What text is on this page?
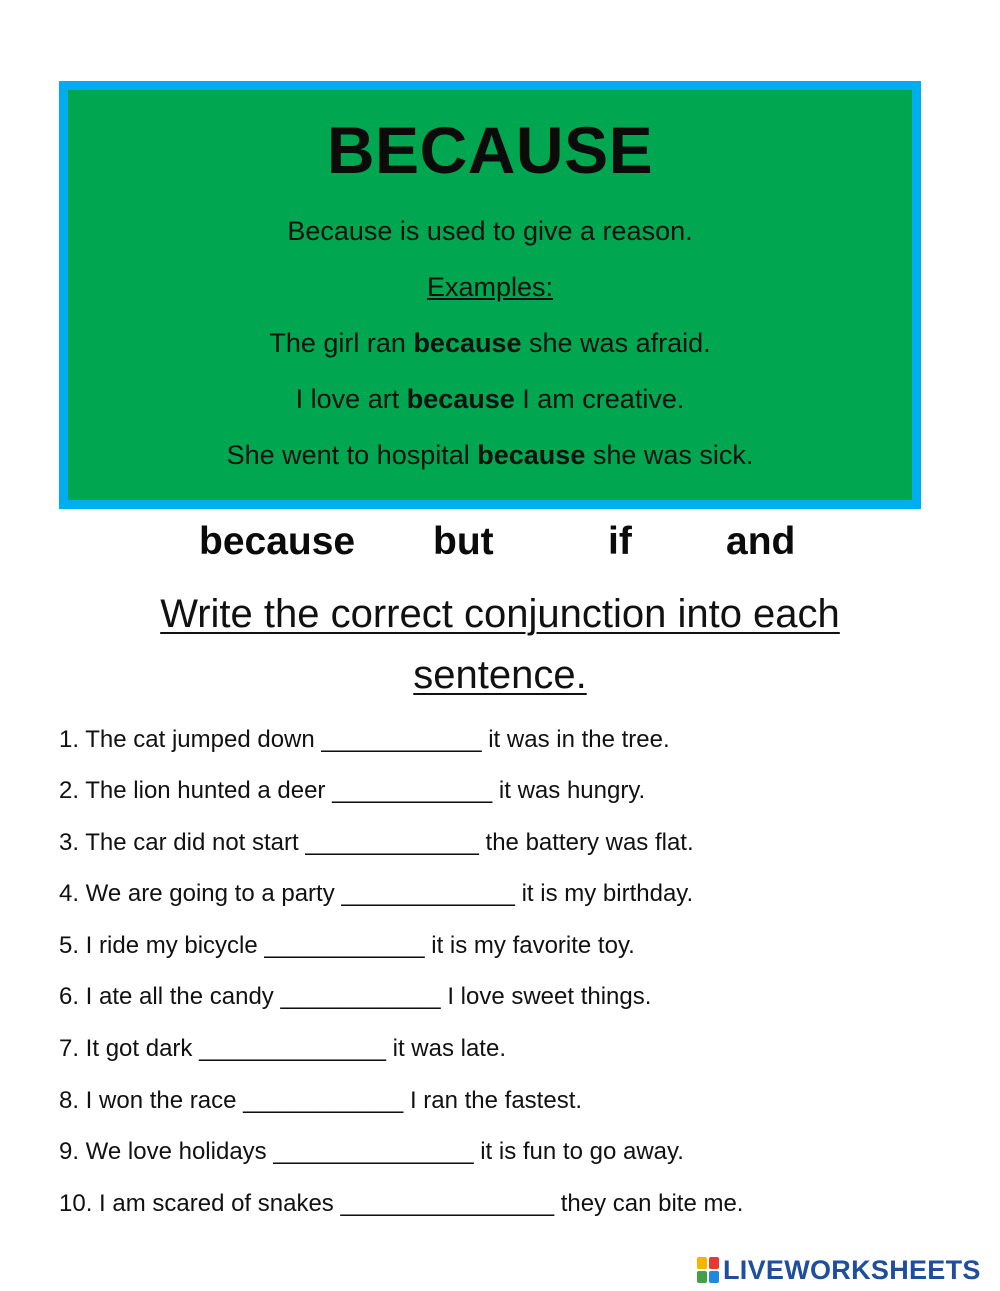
BECAUSE
Because is used to give a reason.
Examples:
The girl ran because she was afraid.
I love art because I am creative.
She went to hospital because she was sick.
because but	if and
Write the correct conjunction into each
sentence.
1. The cat jumped down ____________ it was in the tree.
2. The lion hunted a deer ____________ it was hungry.
3. The car did not start _____________ the battery was flat.
4. We are going to a party _____________ it is my birthday.
5. I ride my bicycle ____________ it is my favorite toy.
6. I ate all the candy ____________ I love sweet things.
7. It got dark ______________ it was late.
8. I won the race ____________ I ran the fastest.
9. We love holidays _______________ it is fun to go away.
10. I am scared of snakes ________________ they can bite me.
LIVEWORKSHEETS
